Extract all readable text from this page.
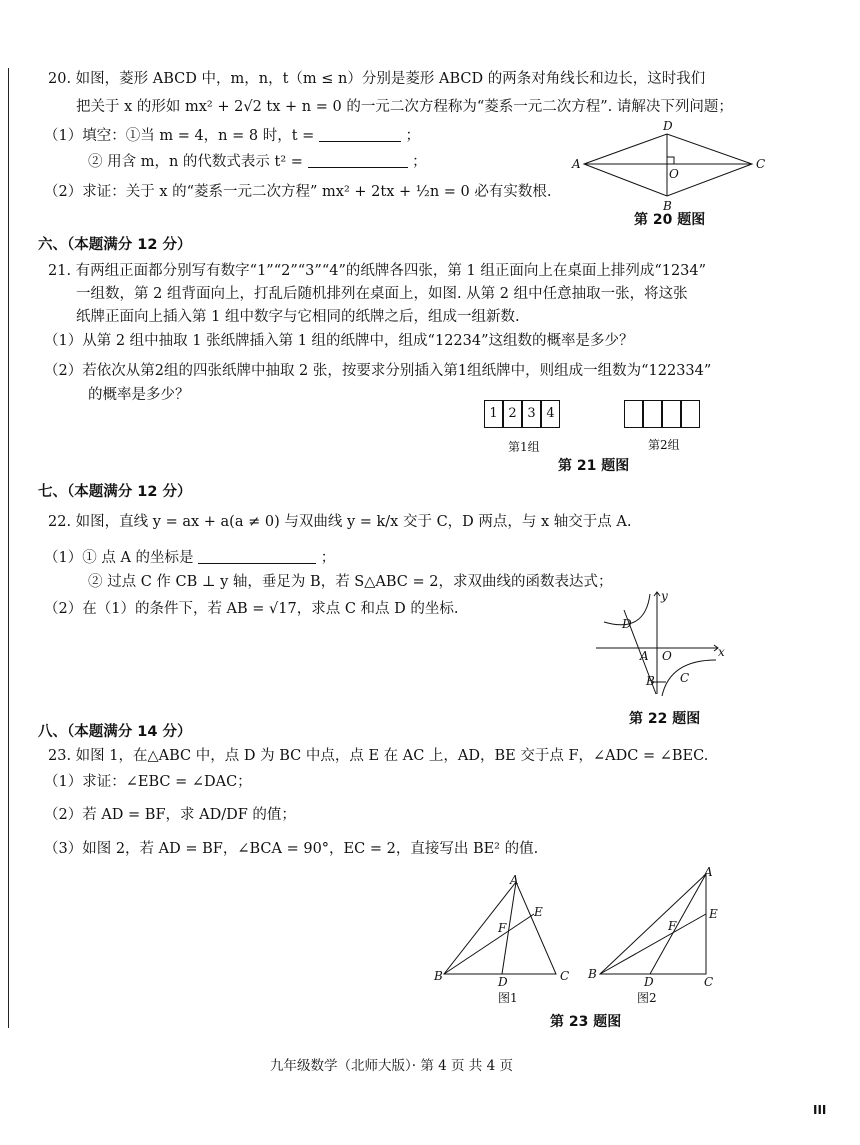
20. 如图，菱形 ABCD 中，m，n，t（m ≤ n）分别是菱形 ABCD 的两条对角线长和边长，这时我们
把关于 x 的形如 mx² + 2√2 tx + n = 0 的一元二次方程称为“菱系一元二次方程”. 请解决下列问题；
（1）填空：①当 m = 4，n = 8 时，t =	；
② 用含 m，n 的代数式表示 t² =	；
（2）求证：关于 x 的“菱系一元二次方程” mx² + 2tx + ½n = 0 必有实数根.
A
D
C
B
O
第 20 题图
六、（本题满分 12 分）
21. 有两组正面都分别写有数字“1”“2”“3”“4”的纸牌各四张，第 1 组正面向上在桌面上排列成“1234”
一组数，第 2 组背面向上，打乱后随机排列在桌面上，如图. 从第 2 组中任意抽取一张，将这张
纸牌正面向上插入第 1 组中数字与它相同的纸牌之后，组成一组新数.
（1）从第 2 组中抽取 1 张纸牌插入第 1 组的纸牌中，组成“12234”这组数的概率是多少？
（2）若依次从第2组的四张纸牌中抽取 2 张，按要求分别插入第1组纸牌中，则组成一组数为“122334”
的概率是多少？
1 2 3 4
第1组	第2组
第 21 题图
七、（本题满分 12 分）
22. 如图，直线 y = ax + a(a ≠ 0) 与双曲线 y = k/x 交于 C，D 两点，与 x 轴交于点 A.
（1）① 点 A 的坐标是	；
② 过点 C 作 CB ⊥ y 轴，垂足为 B，若 S△ABC = 2，求双曲线的函数表达式；
（2）在（1）的条件下，若 AB = √17，求点 C 和点 D 的坐标.
y
x
D
A O
B C
第 22 题图
八、（本题满分 14 分）
23. 如图 1，在△ABC 中，点 D 为 BC 中点，点 E 在 AC 上，AD，BE 交于点 F，∠ADC = ∠BEC.
（1）求证：∠EBC = ∠DAC；
（2）若 AD = BF，求 AD/DF 的值；
（3）如图 2，若 AD = BF，∠BCA = 90°，EC = 2，直接写出 BE² 的值.
A
E
F
B	D	C
图1
A
E
F
B
D	C
图2
第 23 题图
九年级数学（北师大版）· 第 4 页 共 4 页
III
